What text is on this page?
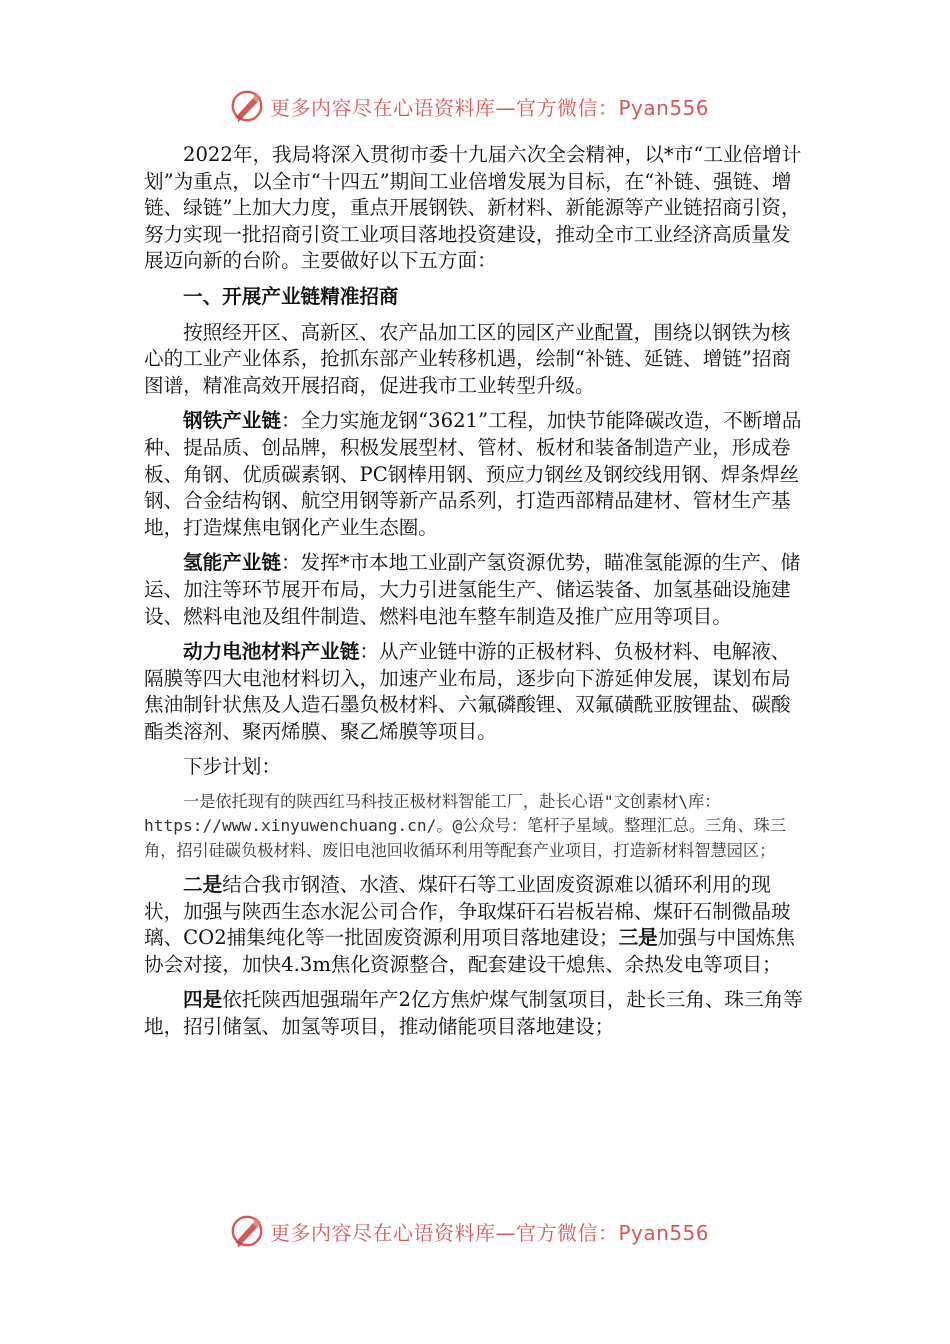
更多内容尽在心语资料库—官方微信：Pyan556

2022年，我局将深入贯彻市委十九届六次全会精神，以*市“工业倍增计划”为重点，以全市“十四五”期间工业倍增发展为目标，在“补链、强链、增链、绿链”上加大力度，重点开展钢铁、新材料、新能源等产业链招商引资，努力实现一批招商引资工业项目落地投资建设，推动全市工业经济高质量发展迈向新的台阶。主要做好以下五方面：

一、开展产业链精准招商

按照经开区、高新区、农产品加工区的园区产业配置，围绕以钢铁为核心的工业产业体系，抢抓东部产业转移机遇，绘制“补链、延链、增链”招商图谱，精准高效开展招商，促进我市工业转型升级。

钢铁产业链：全力实施龙钢“3621”工程，加快节能降碳改造，不断增品种、提品质、创品牌，积极发展型材、管材、板材和装备制造产业，形成卷板、角钢、优质碳素钢、PC钢棒用钢、预应力钢丝及钢绞线用钢、焊条焊丝钢、合金结构钢、航空用钢等新产品系列，打造西部精品建材、管材生产基地，打造煤焦电钢化产业生态圈。

氢能产业链：发挥*市本地工业副产氢资源优势，瞄准氢能源的生产、储运、加注等环节展开布局，大力引进氢能生产、储运装备、加氢基础设施建设、燃料电池及组件制造、燃料电池车整车制造及推广应用等项目。

动力电池材料产业链：从产业链中游的正极材料、负极材料、电解液、隔膜等四大电池材料切入，加速产业布局，逐步向下游延伸发展，谋划布局焦油制针状焦及人造石墨负极材料、六氟磷酸锂、双氟磺酰亚胺锂盐、碳酸酯类溶剂、聚丙烯膜、聚乙烯膜等项目。

下步计划：

一是依托现有的陕西红马科技正极材料智能工厂，赴长心语"文创素材\库：https://www.xinyuwenchuang.cn/。@公众号：笔杆子星域。整理汇总。三角、珠三角，招引硅碳负极材料、废旧电池回收循环利用等配套产业项目，打造新材料智慧园区；

二是结合我市钢渣、水渣、煤矸石等工业固废资源难以循环利用的现状，加强与陕西生态水泥公司合作，争取煤矸石岩板岩棉、煤矸石制微晶玻璃、CO2捕集纯化等一批固废资源利用项目落地建设；三是加强与中国炼焦协会对接，加快4.3m焦化资源整合，配套建设干熄焦、余热发电等项目；

四是依托陕西旭强瑞年产2亿方焦炉煤气制氢项目，赴长三角、珠三角等地，招引储氢、加氢等项目，推动储能项目落地建设；

更多内容尽在心语资料库—官方微信：Pyan556
